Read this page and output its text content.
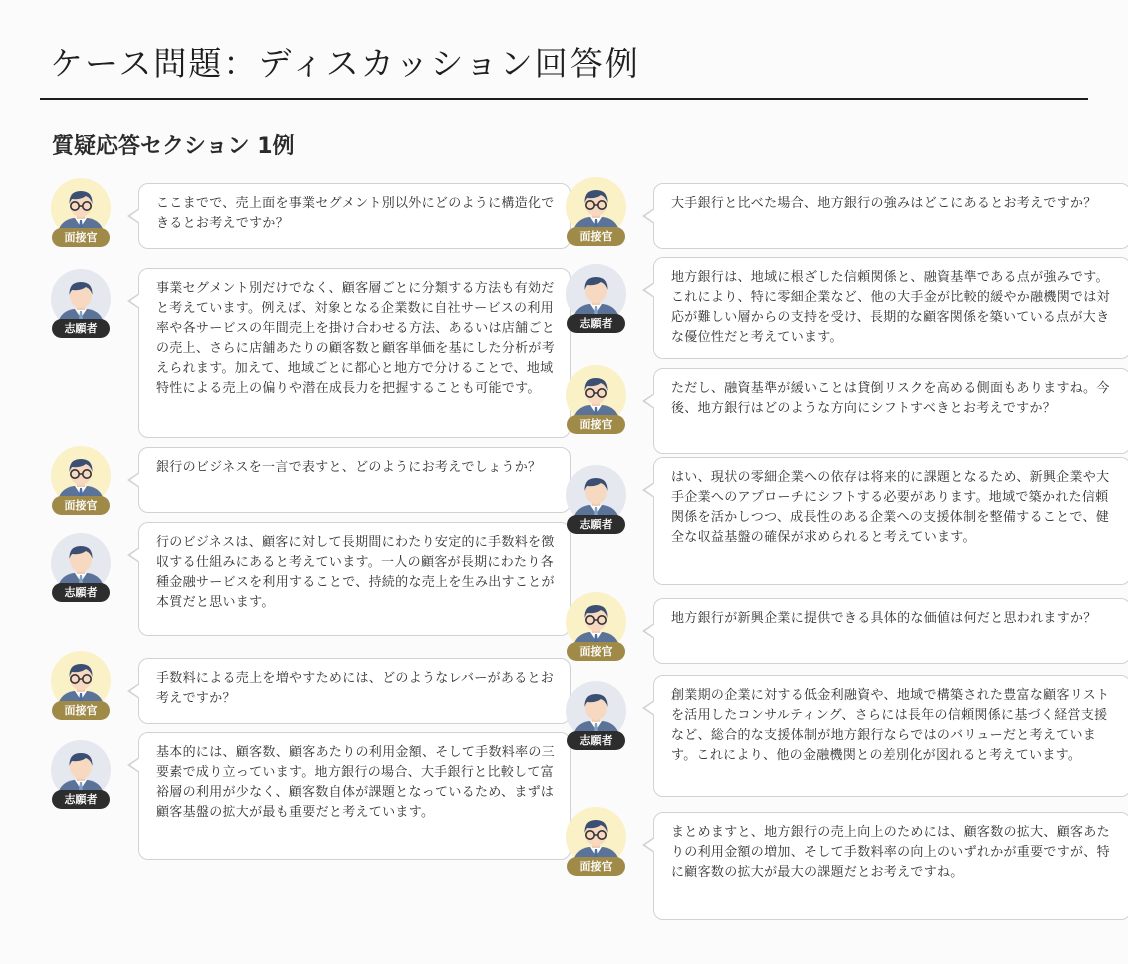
ケース問題：ディスカッション回答例
質疑応答セクション 1例
面接官
ここまでで、売上面を事業セグメント別以外にどのように構造化できるとお考えですか？
志願者
事業セグメント別だけでなく、顧客層ごとに分類する方法も有効だと考えています。例えば、対象となる企業数に自社サービスの利用率や各サービスの年間売上を掛け合わせる方法、あるいは店舗ごとの売上、さらに店舗あたりの顧客数と顧客単価を基にした分析が考えられます。加えて、地域ごとに都心と地方で分けることで、地域特性による売上の偏りや潜在成長力を把握することも可能です。
面接官
銀行のビジネスを一言で表すと、どのようにお考えでしょうか？
志願者
行のビジネスは、顧客に対して長期間にわたり安定的に手数料を徴収する仕組みにあると考えています。一人の顧客が長期にわたり各種金融サービスを利用することで、持続的な売上を生み出すことが本質だと思います。
面接官
手数料による売上を増やすためには、どのようなレバーがあるとお考えですか？
志願者
基本的には、顧客数、顧客あたりの利用金額、そして手数料率の三要素で成り立っています。地方銀行の場合、大手銀行と比較して富裕層の利用が少なく、顧客数自体が課題となっているため、まずは顧客基盤の拡大が最も重要だと考えています。
面接官
大手銀行と比べた場合、地方銀行の強みはどこにあるとお考えですか？
志願者
地方銀行は、地域に根ざした信頼関係と、融資基準である点が強みです。これにより、特に零細企業など、他の大手金が比較的緩やか融機関では対応が難しい層からの支持を受け、長期的な顧客関係を築いている点が大きな優位性だと考えています。
面接官
ただし、融資基準が緩いことは貸倒リスクを高める側面もありますね。今後、地方銀行はどのような方向にシフトすべきとお考えですか？
志願者
はい、現状の零細企業への依存は将来的に課題となるため、新興企業や大手企業へのアプローチにシフトする必要があります。地域で築かれた信頼関係を活かしつつ、成長性のある企業への支援体制を整備することで、健全な収益基盤の確保が求められると考えています。
面接官
地方銀行が新興企業に提供できる具体的な価値は何だと思われますか？
志願者
創業期の企業に対する低金利融資や、地域で構築された豊富な顧客リストを活用したコンサルティング、さらには長年の信頼関係に基づく経営支援など、総合的な支援体制が地方銀行ならではのバリューだと考えています。これにより、他の金融機関との差別化が図れると考えています。
面接官
まとめますと、地方銀行の売上向上のためには、顧客数の拡大、顧客あたりの利用金額の増加、そして手数料率の向上のいずれかが重要ですが、特に顧客数の拡大が最大の課題だとお考えですね。
